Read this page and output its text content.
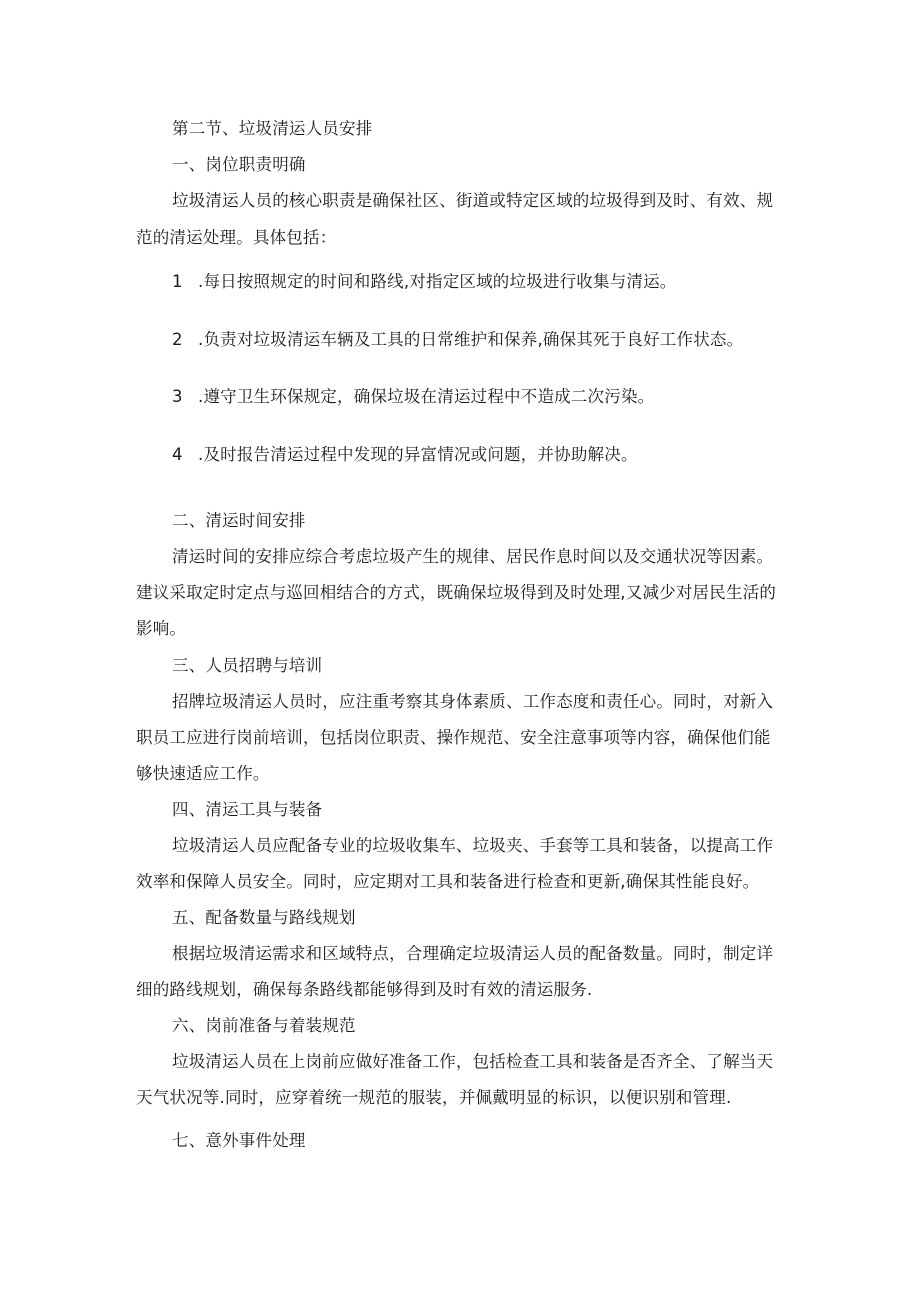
第二节、垃圾清运人员安排
一、岗位职责明确
垃圾清运人员的核心职责是确保社区、街道或特定区域的垃圾得到及时、有效、规
范的清运处理。具体包括：
1 .每日按照规定的时间和路线,对指定区域的垃圾进行收集与清运。
2 .负责对垃圾清运车辆及工具的日常维护和保养,确保其死于良好工作状态。
3 .遵守卫生环保规定，确保垃圾在清运过程中不造成二次污染。
4 .及时报告清运过程中发现的异富情况或问题，并协助解决。
二、清运时间安排
清运时间的安排应综合考虑垃圾产生的规律、居民作息时间以及交通状况等因素。
建议采取定时定点与巡回相结合的方式，既确保垃圾得到及时处理,又减少对居民生活的
影响。
三、人员招聘与培训
招牌垃圾清运人员时，应注重考察其身体素质、工作态度和责任心。同时，对新入
职员工应进行岗前培训，包括岗位职责、操作规范、安全注意事项等内容，确保他们能
够快速适应工作。
四、清运工具与装备
垃圾清运人员应配备专业的垃圾收集车、垃圾夹、手套等工具和装备，以提高工作
效率和保障人员安全。同时，应定期对工具和装备进行检查和更新,确保其性能良好。
五、配备数量与路线规划
根据垃圾清运需求和区域特点，合理确定垃圾清运人员的配备数量。同时，制定详
细的路线规划，确保每条路线都能够得到及时有效的清运服务.
六、岗前准备与着装规范
垃圾清运人员在上岗前应做好准备工作，包括检查工具和装备是否齐全、了解当天
天气状况等.同时，应穿着统一规范的服装，并佩戴明显的标识，以便识别和管理.
七、意外事件处理
